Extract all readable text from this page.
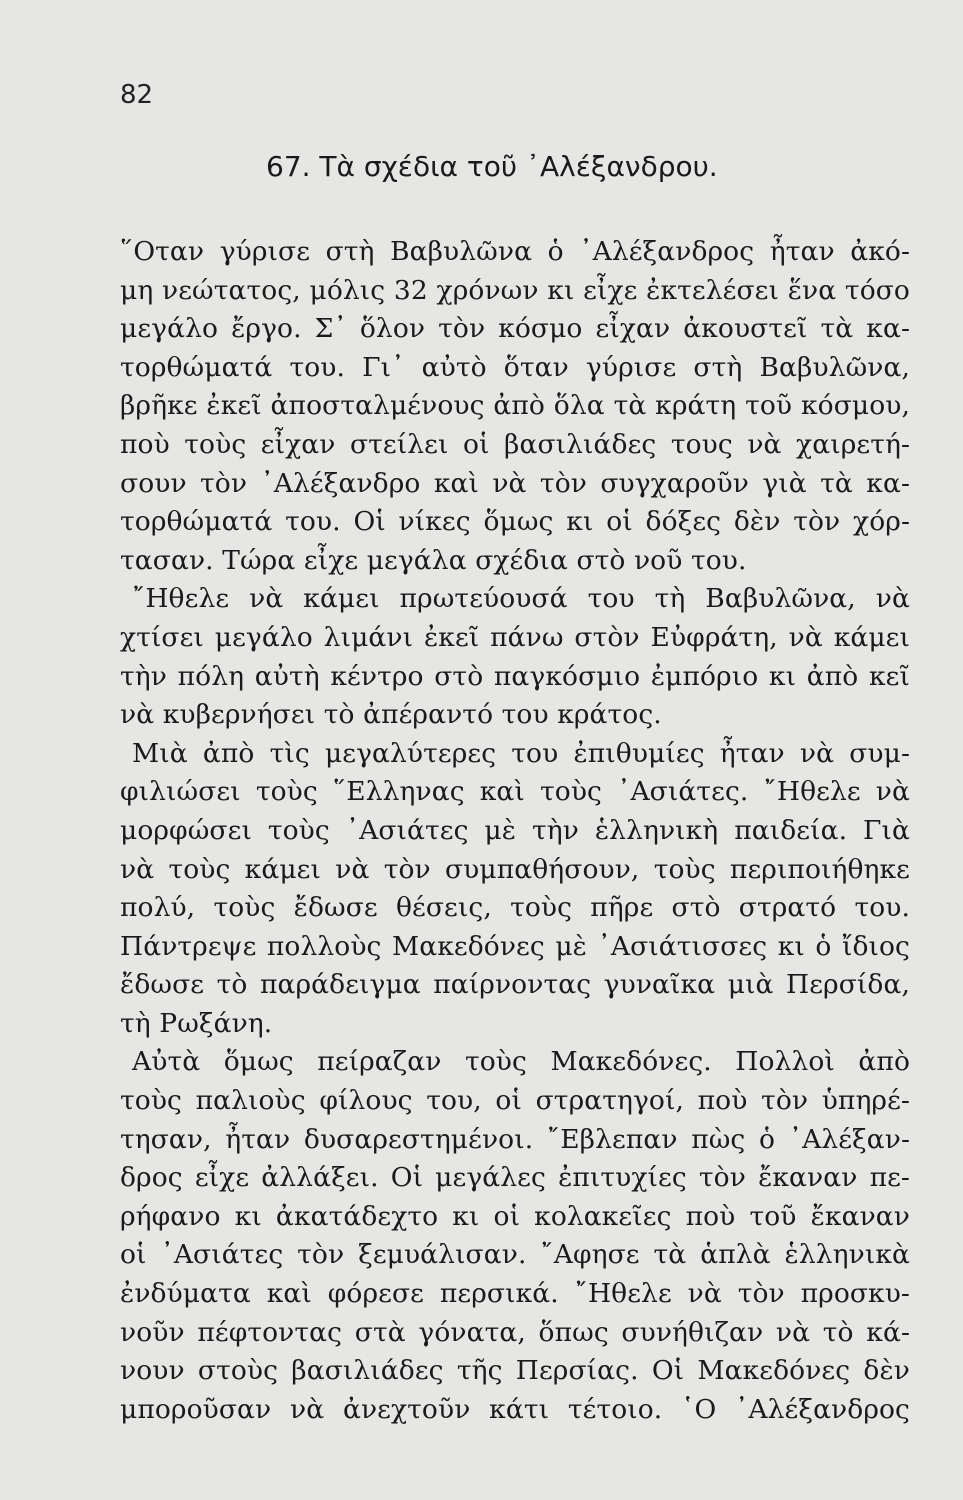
82
67. Τὰ σχέδια τοῦ ᾿Αλέξανδρου.
῞Οταν γύρισε στὴ Βαβυλῶνα ὁ ᾿Αλέξανδρος ἦταν ἀκό-
μη νεώτατος, μόλις 32 χρόνων κι εἶχε ἐκτελέσει ἕνα τόσο
μεγάλο ἔργο. Σ᾿ ὅλον τὸν κόσμο εἶχαν ἀκουστεῖ τὰ κα-
τορθώματά του. Γι᾿ αὐτὸ ὅταν γύρισε στὴ Βαβυλῶνα,
βρῆκε ἐκεῖ ἀποσταλμένους ἀπὸ ὅλα τὰ κράτη τοῦ κόσμου,
ποὺ τοὺς εἶχαν στείλει οἱ βασιλιάδες τους νὰ χαιρετή-
σουν τὸν ᾿Αλέξανδρο καὶ νὰ τὸν συγχαροῦν γιὰ τὰ κα-
τορθώματά του. Οἱ νίκες ὅμως κι οἱ δόξες δὲν τὸν χόρ-
τασαν. Τώρα εἶχε μεγάλα σχέδια στὸ νοῦ του.
῎Ηθελε νὰ κάμει πρωτεύουσά του τὴ Βαβυλῶνα, νὰ
χτίσει μεγάλο λιμάνι ἐκεῖ πάνω στὸν Εὐφράτη, νὰ κάμει
τὴν πόλη αὐτὴ κέντρο στὸ παγκόσμιο ἐμπόριο κι ἀπὸ κεῖ
νὰ κυβερνήσει τὸ ἀπέραντό του κράτος.
Μιὰ ἀπὸ τὶς μεγαλύτερες του ἐπιθυμίες ἦταν νὰ συμ-
φιλιώσει τοὺς ῞Ελληνας καὶ τοὺς ᾿Ασιάτες. ῎Ηθελε νὰ
μορφώσει τοὺς ᾿Ασιάτες μὲ τὴν ἑλληνικὴ παιδεία. Γιὰ
νὰ τοὺς κάμει νὰ τὸν συμπαθήσουν, τοὺς περιποιήθηκε
πολύ, τοὺς ἔδωσε θέσεις, τοὺς πῆρε στὸ στρατό του.
Πάντρεψε πολλοὺς Μακεδόνες μὲ ᾿Ασιάτισσες κι ὁ ἴδιος
ἔδωσε τὸ παράδειγμα παίρνοντας γυναῖκα μιὰ Περσίδα,
τὴ Ρωξάνη.
Αὐτὰ ὅμως πείραζαν τοὺς Μακεδόνες. Πολλοὶ ἀπὸ
τοὺς παλιοὺς φίλους του, οἱ στρατηγοί, ποὺ τὸν ὑπηρέ-
τησαν, ἦταν δυσαρεστημένοι. ῎Εβλεπαν πὼς ὁ ᾿Αλέξαν-
δρος εἶχε ἀλλάξει. Οἱ μεγάλες ἐπιτυχίες τὸν ἔκαναν πε-
ρήφανο κι ἀκατάδεχτο κι οἱ κολακεῖες ποὺ τοῦ ἔκαναν
οἱ ᾿Ασιάτες τὸν ξεμυάλισαν. ῎Αφησε τὰ ἁπλὰ ἑλληνικὰ
ἐνδύματα καὶ φόρεσε περσικά. ῎Ηθελε νὰ τὸν προσκυ-
νοῦν πέφτοντας στὰ γόνατα, ὅπως συνήθιζαν νὰ τὸ κά-
νουν στοὺς βασιλιάδες τῆς Περσίας. Οἱ Μακεδόνες δὲν
μποροῦσαν νὰ ἀνεχτοῦν κάτι τέτοιο. ῾Ο ᾿Αλέξανδρος
